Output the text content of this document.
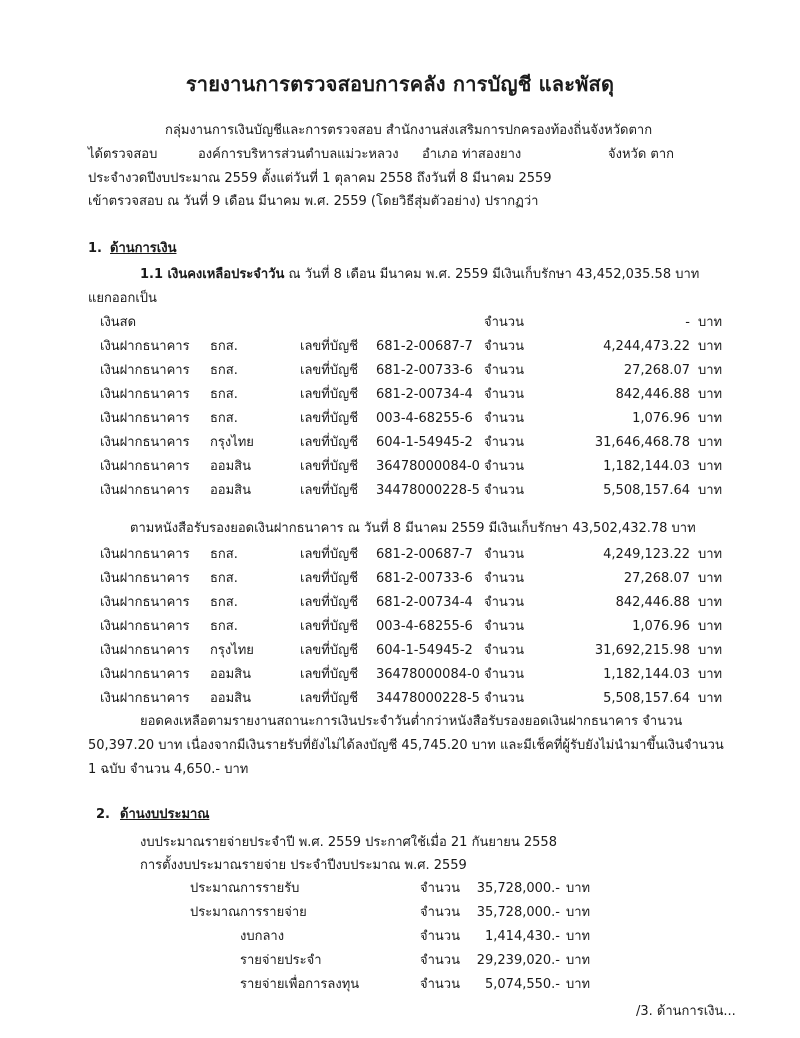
รายงานการตรวจสอบการคลัง การบัญชี และพัสดุ
กลุ่มงานการเงินบัญชีและการตรวจสอบ สำนักงานส่งเสริมการปกครองท้องถิ่นจังหวัดตาก
ได้ตรวจสอบ	องค์การบริหารส่วนตำบลแม่วะหลวง อำเภอ ท่าสองยาง	จังหวัด ตาก
ประจำงวดปีงบประมาณ 2559 ตั้งแต่วันที่ 1 ตุลาคม 2558 ถึงวันที่ 8 มีนาคม 2559
เข้าตรวจสอบ ณ วันที่ 9 เดือน มีนาคม พ.ศ. 2559 (โดยวิธีสุ่มตัวอย่าง) ปรากฏว่า
1. ด้านการเงิน
1.1 เงินคงเหลือประจำวัน ณ วันที่ 8 เดือน มีนาคม พ.ศ. 2559 มีเงินเก็บรักษา 43,452,035.58 บาท
แยกออกเป็น
เงินสด	จำนวน	- บาท
เงินฝากธนาคาร ธกส.	เลขที่บัญชี 681-2-00687-7 จำนวน	4,244,473.22 บาท
เงินฝากธนาคาร ธกส.	เลขที่บัญชี 681-2-00733-6 จำนวน	27,268.07 บาท
เงินฝากธนาคาร ธกส.	เลขที่บัญชี 681-2-00734-4 จำนวน	842,446.88 บาท
เงินฝากธนาคาร ธกส.	เลขที่บัญชี 003-4-68255-6 จำนวน	1,076.96 บาท
เงินฝากธนาคาร กรุงไทย	เลขที่บัญชี 604-1-54945-2 จำนวน	31,646,468.78 บาท
เงินฝากธนาคาร ออมสิน	เลขที่บัญชี 36478000084-0 จำนวน	1,182,144.03 บาท
เงินฝากธนาคาร ออมสิน	เลขที่บัญชี 34478000228-5 จำนวน	5,508,157.64 บาท
ตามหนังสือรับรองยอดเงินฝากธนาคาร ณ วันที่ 8 มีนาคม 2559 มีเงินเก็บรักษา 43,502,432.78 บาท
เงินฝากธนาคาร ธกส.	เลขที่บัญชี 681-2-00687-7 จำนวน	4,249,123.22 บาท
เงินฝากธนาคาร ธกส.	เลขที่บัญชี 681-2-00733-6 จำนวน	27,268.07 บาท
เงินฝากธนาคาร ธกส.	เลขที่บัญชี 681-2-00734-4 จำนวน	842,446.88 บาท
เงินฝากธนาคาร ธกส.	เลขที่บัญชี 003-4-68255-6 จำนวน	1,076.96 บาท
เงินฝากธนาคาร กรุงไทย	เลขที่บัญชี 604-1-54945-2 จำนวน	31,692,215.98 บาท
เงินฝากธนาคาร ออมสิน	เลขที่บัญชี 36478000084-0 จำนวน	1,182,144.03 บาท
เงินฝากธนาคาร ออมสิน	เลขที่บัญชี 34478000228-5 จำนวน	5,508,157.64 บาท
ยอดคงเหลือตามรายงานสถานะการเงินประจำวันต่ำกว่าหนังสือรับรองยอดเงินฝากธนาคาร จำนวน
50,397.20 บาท เนื่องจากมีเงินรายรับที่ยังไม่ได้ลงบัญชี 45,745.20 บาท และมีเช็คที่ผู้รับยังไม่นำมาขึ้นเงินจำนวน
1 ฉบับ จำนวน 4,650.- บาท
2. ด้านงบประมาณ
งบประมาณรายจ่ายประจำปี พ.ศ. 2559 ประกาศใช้เมื่อ 21 กันยายน 2558
การตั้งงบประมาณรายจ่าย ประจำปีงบประมาณ พ.ศ. 2559
ประมาณการรายรับ	จำนวน 35,728,000.- บาท
ประมาณการรายจ่าย	จำนวน 35,728,000.- บาท
งบกลาง	จำนวน 1,414,430.- บาท
รายจ่ายประจำ	จำนวน 29,239,020.- บาท
รายจ่ายเพื่อการลงทุน	จำนวน 5,074,550.- บาท
/3. ด้านการเงิน...
